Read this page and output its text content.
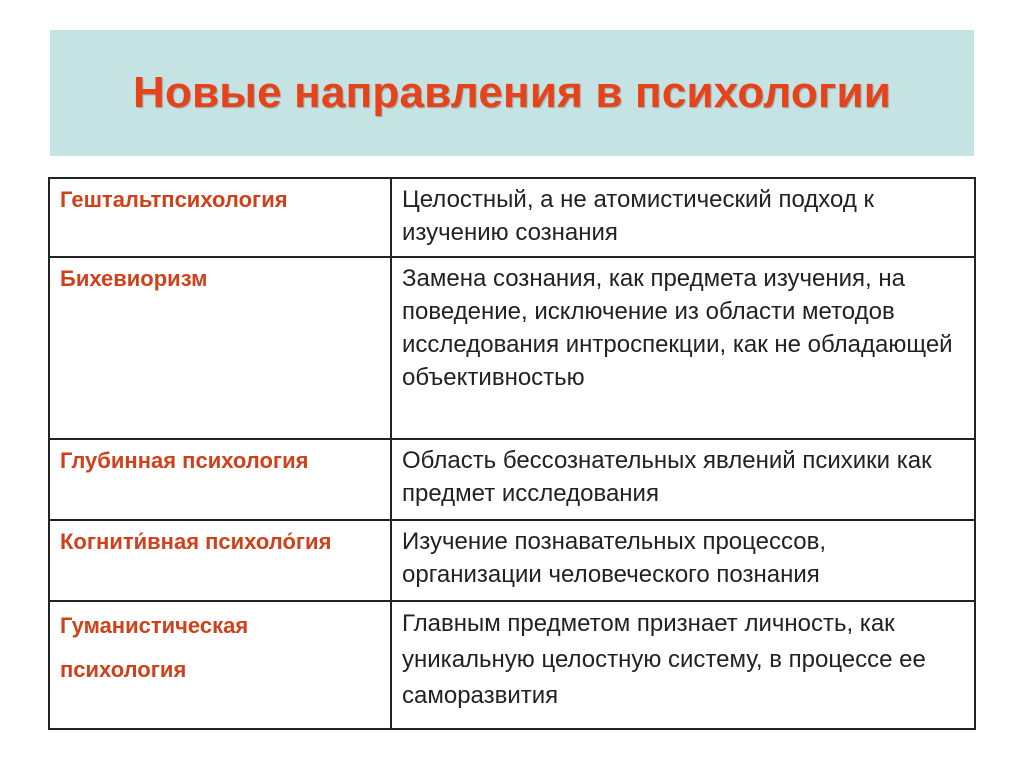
Новые направления в психологии
Гештальтпсихология	Целостный, а не атомистический подход к изучению сознания
Бихевиоризм	Замена сознания, как предмета изучения, на поведение, исключение из области методов исследования интроспекции, как не обладающей объективностью
Глубинная психология	Область бессознательных явлений психики как предмет исследования
Когнити́вная психоло́гия	Изучение познавательных процессов, организации человеческого познания
Гуманистическая психология	Главным предметом признает личность, как уникальную целостную систему, в процессе ее саморазвития
